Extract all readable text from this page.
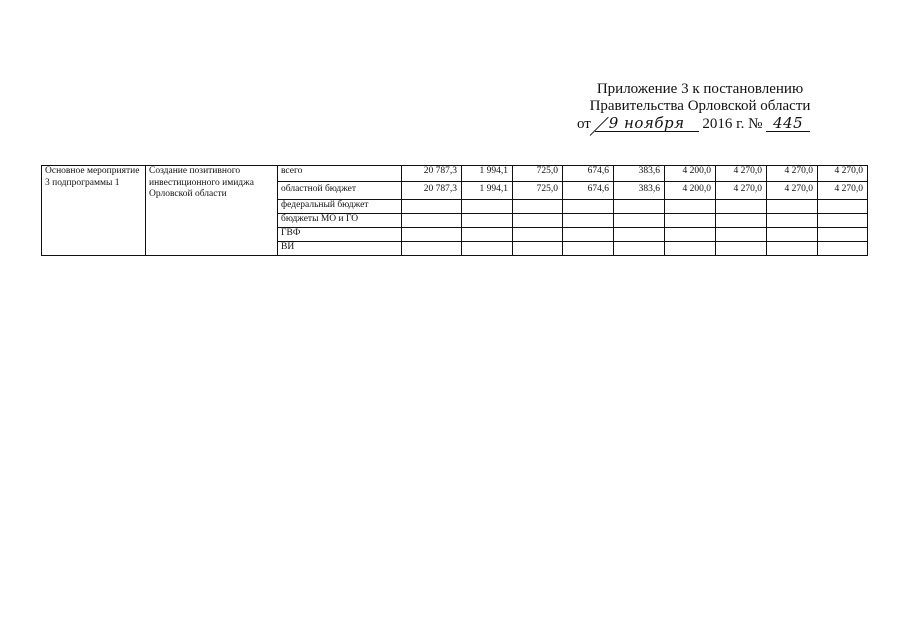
Приложение 3 к постановлению
Правительства Орловской области
от 9 ноября 2016 г. № 445
Основное мероприятие 3 подпрограммы 1	Создание позитивного инвестиционного имиджа Орловской области	всего	20 787,3	1 994,1	725,0	674,6	383,6	4 200,0	4 270,0	4 270,0	4 270,0
		областной бюджет	20 787,3	1 994,1	725,0	674,6	383,6	4 200,0	4 270,0	4 270,0	4 270,0
		федеральный бюджет									
		бюджеты МО и ГО									
		ГВФ									
		ВИ									
